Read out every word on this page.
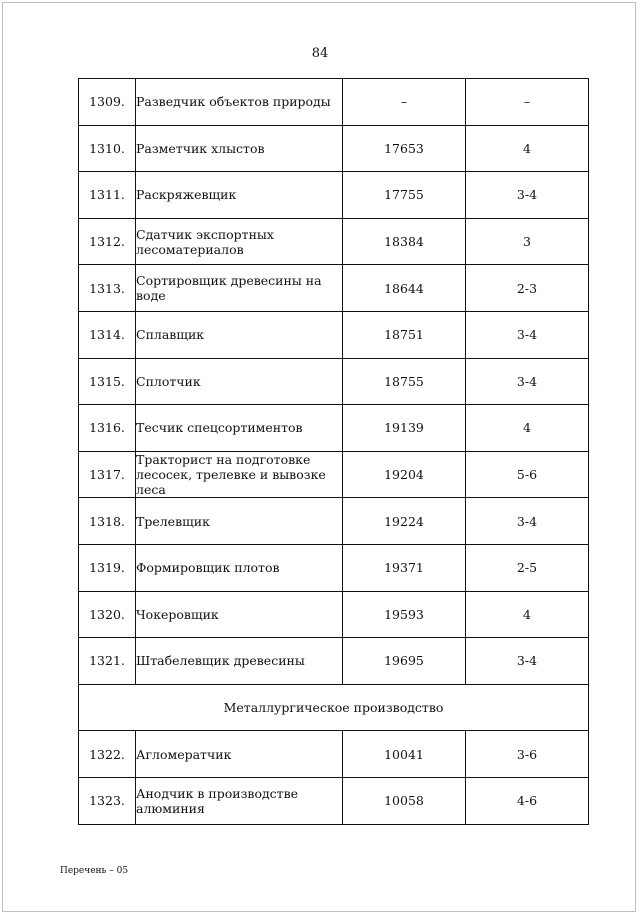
84
1309.	Разведчик объектов природы	–	–
1310.	Разметчик хлыстов	17653	4
1311.	Раскряжевщик	17755	3-4
1312.	Сдатчик экспортных лесоматериалов	18384	3
1313.	Сортировщик древесины на воде	18644	2-3
1314.	Сплавщик	18751	3-4
1315.	Сплотчик	18755	3-4
1316.	Тесчик спецсортиментов	19139	4
1317.	Тракторист на подготовке лесосек, трелевке и вывозке леса	19204	5-6
1318.	Трелевщик	19224	3-4
1319.	Формировщик плотов	19371	2-5
1320.	Чокеровщик	19593	4
1321.	Штабелевщик древесины	19695	3-4
Металлургическое производство			
1322.	Агломератчик	10041	3-6
1323.	Анодчик в производстве алюминия	10058	4-6
Перечень – 05
